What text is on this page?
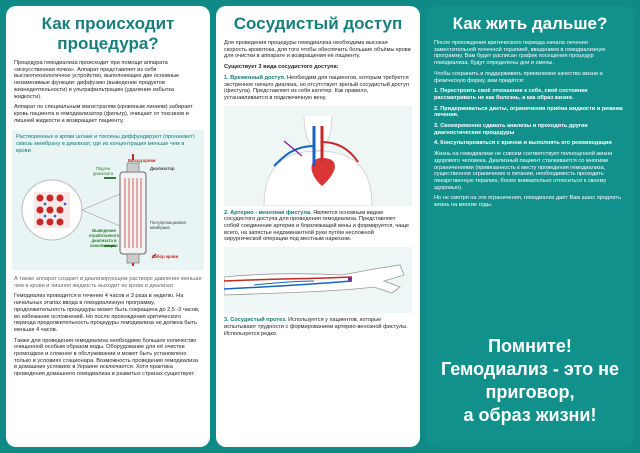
Как происходит процедура?

Процедура гемодиализа происходит при помощи аппарата «искусственная почка». Аппарат представляет из себя высокотехнологичное устройство, выполняющее две основные незаменимые функции: диффузию (выведение продуктов жизнедеятельности) и ультрафильтрацию (удаление избытка жидкости).

Аппарат по специальным магистралям (кровяным линиям) забирает кровь пациента в гемодиализатор (фильтр), очищает от токсинов и лишней жидкости и возвращает пациенту.

Растворенные в крови шлаки и токсины диффундируют (проникают) сквозь мембрану в диализат, где их концентрация меньше чем в крови
Выход крови
Диализатор
Подача диализата
Полупроницаемая мембрана
Выведение отработанного диализата в канализацию
Забор крови
А также аппарат создает в диализирующем растворе давление меньше чем в крови и лишняя жидкость выходит из крови в диализат

Гемодиализ проводится в течение 4 часов и 3 раза в неделю. На начальных этапах ввода в гемодиализную программу, продолжительность процедуры может быть сокращена до 2,5 -3 часов, во избежание осложнений. Но после прохождения критического периода продолжительность процедуры гемодиализа не должна быть меньше 4 часов.

Также для проведения гемодиализа необходимо большое количество очищенной особым образом воды. Оборудование для её очистки громоздкое и сложное в обслуживании и может быть установлено только в условиях стационара. Возможность проведения гемодиализа в домашних условиях в Украине исключается. Хотя практика проведения домашнего гемодиализа в развитых странах существует.

Сосудистый доступ

Для проведения процедуры гемодиализа необходима высокая скорость кровотока, для того чтобы обеспечить большие объёмы крови для очистки в аппарате и возвращения её пациенту.

Существует 3 вида сосудистого доступа:

1. Временный доступ. Необходим для пациентов, которым требуется экстренное начало диализа, но отсутствует зрелый сосудистый доступ (фистула). Представляет из себя катетер. Как правило, устанавливается в подключичную вену.

2. Артерио - венозная фистула. Является основным видом сосудистого доступа для проведения гемодиализа. Представляет собой соединение артерии и близлежащей вены и формируется, чаще всего, на запястье недоминантной руки путём несложной хирургической операции под местным наркозом.

3. Сосудистый протез. Используется у пациентов, которые испытывают трудности с формированием артерио-венозной фистулы. Используется редко.

Как жить дальше?

После прохождения критического периода начала лечения заместительной почечной терапией, введением в гемодиализную программу, Вам будет расписан график посещения процедур гемодиализа, будут определены дни и смены.

Чтобы сохранить и поддерживать приемлемое качество жизни и физическую форму, вам придётся:

1. Перестроить своё отношение к себе, своё состояние рассматривать не как болезнь, а как образ жизни.

2. Придерживаться диеты, ограничения приёма жидкости и режима лечения.

3. Своевременно сдавать анализы и проходить другие диагностические процедуры

4. Консультироваться с врачом и выполнять его рекомендации

Жизнь на гемодиализе не совсем соответствует полноценной жизни здорового человека. Диализный пациент сталкивается со многими ограничениями (привязанность к месту проведения гемодиализа, существенное ограничение в питании, необходимость проходить лекарственную терапию, более внимательно относиться к своему здоровью).

Но не смотря на эти ограничения, гемодиализ даёт Вам шанс продлить жизнь на многие годы.

Помните!
Гемодиализ - это не приговор,
а образ жизни!
